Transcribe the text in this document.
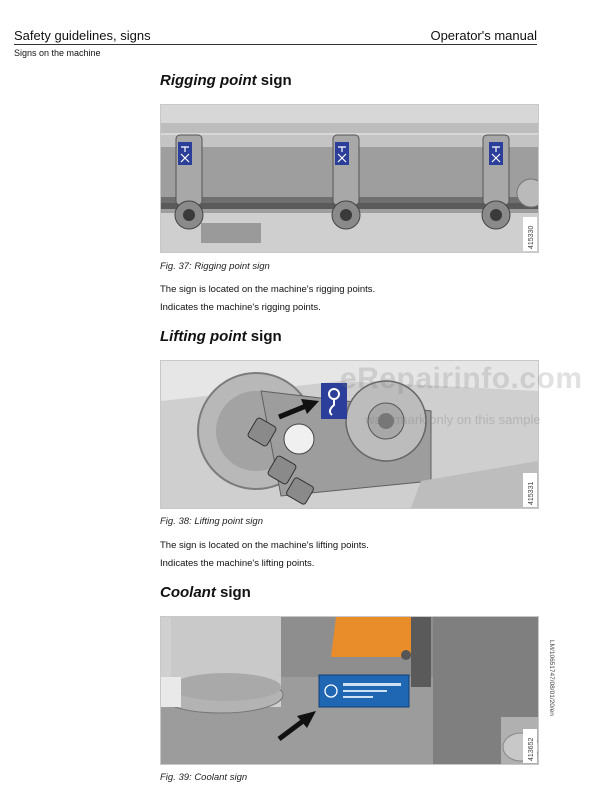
Safety guidelines, signs	Operator's manual
Signs on the machine
Rigging point sign
415330
Fig. 37: Rigging point sign
The sign is located on the machine's rigging points.
Indicates the machine's rigging points.
Lifting point sign
415331
Fig. 38: Lifting point sign
The sign is located on the machine's lifting points.
Indicates the machine's lifting points.
Coolant sign
413652
Fig. 39: Coolant sign
LM/10651747/08/01/20/en
eRepairinfo.com
watermark only on this sample
